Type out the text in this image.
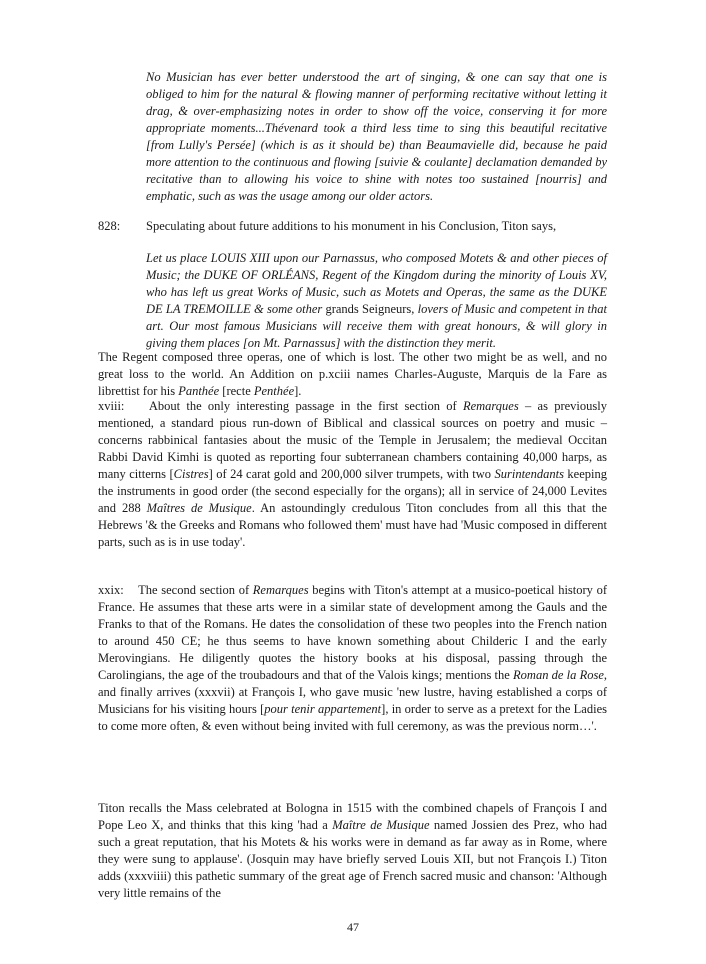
No Musician has ever better understood the art of singing, & one can say that one is obliged to him for the natural & flowing manner of performing recitative without letting it drag, & over-emphasizing notes in order to show off the voice, conserving it for more appropriate moments...Thévenard took a third less time to sing this beautiful recitative [from Lully's Persée] (which is as it should be) than Beaumavielle did, because he paid more attention to the continuous and flowing [suivie & coulante] declamation demanded by recitative than to allowing his voice to shine with notes too sustained [nourris] and emphatic, such as was the usage among our older actors.

828: Speculating about future additions to his monument in his Conclusion, Titon says,

Let us place LOUIS XIII upon our Parnassus, who composed Motets & and other pieces of Music; the DUKE OF ORLÉANS, Regent of the Kingdom during the minority of Louis XV, who has left us great Works of Music, such as Motets and Operas, the same as the DUKE DE LA TREMOILLE & some other grands Seigneurs, lovers of Music and competent in that art. Our most famous Musicians will receive them with great honours, & will glory in giving them places [on Mt. Parnassus] with the distinction they merit.

The Regent composed three operas, one of which is lost. The other two might be as well, and no great loss to the world. An Addition on p.xciii names Charles-Auguste, Marquis de la Fare as librettist for his Panthée [recte Penthée].

xviii:    About the only interesting passage in the first section of Remarques – as previously mentioned, a standard pious run-down of Biblical and classical sources on poetry and music – concerns rabbinical fantasies about the music of the Temple in Jerusalem; the medieval Occitan Rabbi David Kimhi is quoted as reporting four subterranean chambers containing 40,000 harps, as many citterns [Cistres] of 24 carat gold and 200,000 silver trumpets, with two Surintendants keeping the instruments in good order (the second especially for the organs); all in service of 24,000 Levites and 288 Maîtres de Musique. An astoundingly credulous Titon concludes from all this that the Hebrews '& the Greeks and Romans who followed them' must have had 'Music composed in different parts, such as is in use today'.

xxix:    The second section of Remarques begins with Titon's attempt at a musico-poetical history of France. He assumes that these arts were in a similar state of development among the Gauls and the Franks to that of the Romans. He dates the consolidation of these two peoples into the French nation to around 450 CE; he thus seems to have known something about Childeric I and the early Merovingians. He diligently quotes the history books at his disposal, passing through the Carolingians, the age of the troubadours and that of the Valois kings; mentions the Roman de la Rose, and finally arrives (xxxvii) at François I, who gave music 'new lustre, having established a corps of Musicians for his visiting hours [pour tenir appartement], in order to serve as a pretext for the Ladies to come more often, & even without being invited with full ceremony, as was the previous norm…'.

Titon recalls the Mass celebrated at Bologna in 1515 with the combined chapels of François I and Pope Leo X, and thinks that this king 'had a Maître de Musique named Jossien des Prez, who had such a great reputation, that his Motets & his works were in demand as far away as in Rome, where they were sung to applause'. (Josquin may have briefly served Louis XII, but not François I.) Titon adds (xxxviiii) this pathetic summary of the great age of French sacred music and chanson: 'Although very little remains of the

47
